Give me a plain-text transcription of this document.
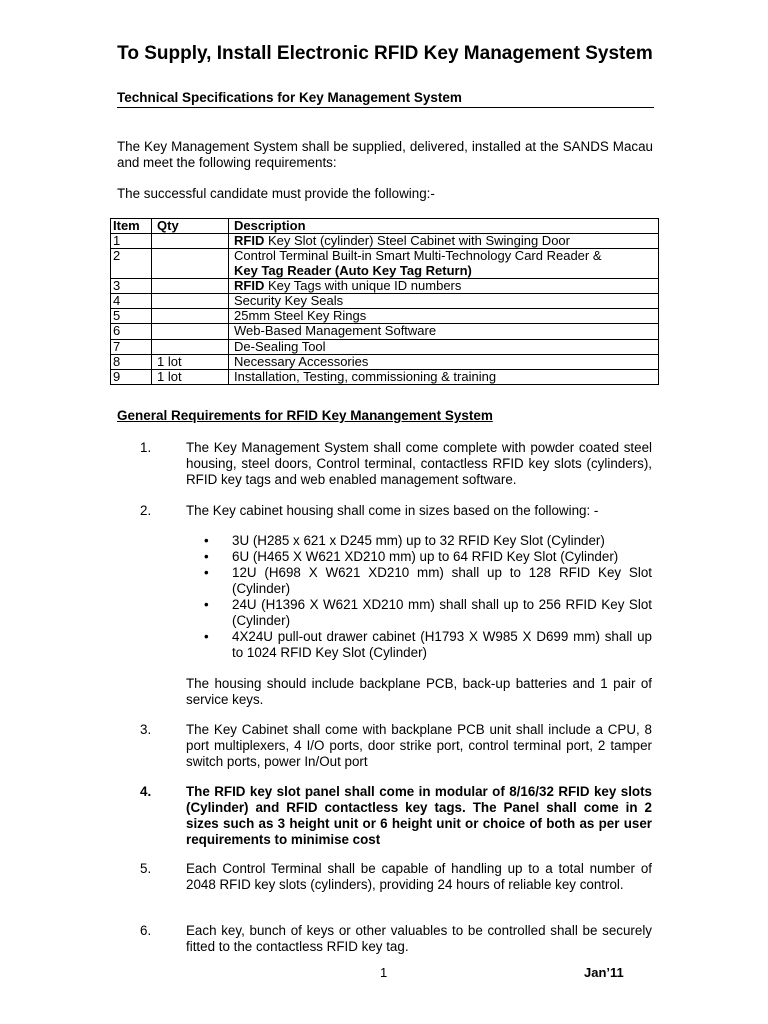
To Supply, Install Electronic RFID Key Management System
Technical Specifications for Key Management System
The Key Management System shall be supplied, delivered, installed at the SANDS Macau and meet the following requirements:
The successful candidate must provide the following:-
Item	Qty	Description
1		RFID Key Slot (cylinder) Steel Cabinet with Swinging Door
2		Control Terminal Built-in Smart Multi-Technology Card Reader &
Key Tag Reader (Auto Key Tag Return)
3		RFID Key Tags with unique ID numbers
4		Security Key Seals
5		25mm Steel Key Rings
6		Web-Based Management Software
7		De-Sealing Tool
8	1 lot	Necessary Accessories
9	1 lot	Installation, Testing, commissioning & training
General Requirements for RFID Key Manangement System
1.	The Key Management System shall come complete with powder coated steel housing, steel doors, Control terminal, contactless RFID key slots (cylinders), RFID key tags and web enabled management software.
2.	The Key cabinet housing shall come in sizes based on the following: -
• 3U (H285 x 621 x D245 mm) up to 32 RFID Key Slot (Cylinder)
• 6U (H465 X W621 XD210 mm) up to 64 RFID Key Slot (Cylinder)
• 12U (H698 X W621 XD210 mm) shall up to 128 RFID Key Slot (Cylinder)
• 24U (H1396 X W621 XD210 mm) shall shall up to 256 RFID Key Slot (Cylinder)
• 4X24U pull-out drawer cabinet (H1793 X W985 X D699 mm) shall up to 1024 RFID Key Slot (Cylinder)
The housing should include backplane PCB, back-up batteries and 1 pair of service keys.
3.	The Key Cabinet shall come with backplane PCB unit shall include a CPU, 8 port multiplexers, 4 I/O ports, door strike port, control terminal port, 2 tamper switch ports, power In/Out port
4.	The RFID key slot panel shall come in modular of 8/16/32 RFID key slots (Cylinder) and RFID contactless key tags. The Panel shall come in 2 sizes such as 3 height unit or 6 height unit or choice of both as per user requirements to minimise cost
5.	Each Control Terminal shall be capable of handling up to a total number of 2048 RFID key slots (cylinders), providing 24 hours of reliable key control.
6.	Each key, bunch of keys or other valuables to be controlled shall be securely fitted to the contactless RFID key tag.
1	Jan’11
